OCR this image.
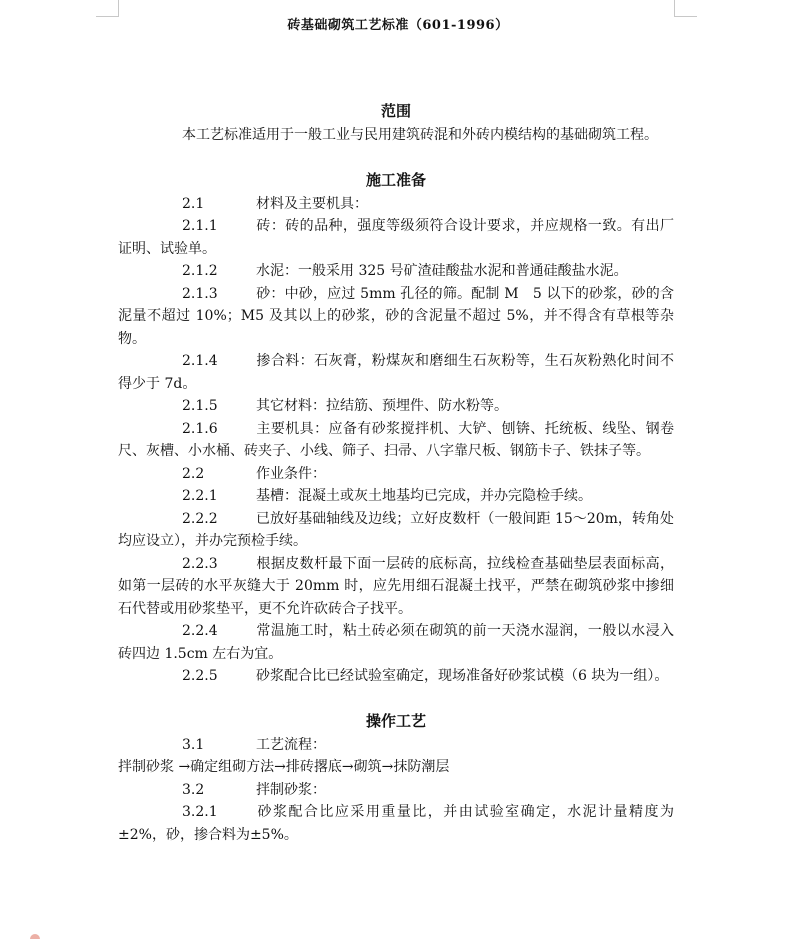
砖基础砌筑工艺标准（601-1996）
范围

本工艺标准适用于一般工业与民用建筑砖混和外砖内模结构的基础砌筑工程。

施工准备

2.1	材料及主要机具：

2.1.1	砖：砖的品种，强度等级须符合设计要求，并应规格一致。有出厂证明、试验单。

2.1.2	水泥：一般采用 325 号矿渣硅酸盐水泥和普通硅酸盐水泥。

2.1.3	砂：中砂，应过 5mm 孔径的筛。配制 M　5 以下的砂浆，砂的含泥量不超过 10%；M5 及其以上的砂浆，砂的含泥量不超过 5%，并不得含有草根等杂物。

2.1.4	掺合料：石灰膏，粉煤灰和磨细生石灰粉等，生石灰粉熟化时间不得少于 7d。

2.1.5	其它材料：拉结筋、预埋件、防水粉等。

2.1.6	主要机具：应备有砂浆搅拌机、大铲、刨锛、托统板、线坠、钢卷尺、灰槽、小水桶、砖夹子、小线、筛子、扫帚、八字靠尺板、钢筋卡子、铁抹子等。

2.2	作业条件：

2.2.1	基槽：混凝土或灰土地基均已完成，并办完隐检手续。

2.2.2	已放好基础轴线及边线；立好皮数杆（一般间距 15～20m，转角处均应设立），并办完预检手续。

2.2.3	根据皮数杆最下面一层砖的底标高，拉线检查基础垫层表面标高，如第一层砖的水平灰缝大于 20mm 时，应先用细石混凝土找平，严禁在砌筑砂浆中掺细石代替或用砂浆垫平，更不允许砍砖合子找平。

2.2.4	常温施工时，粘土砖必须在砌筑的前一天浇水湿润，一般以水浸入砖四边 1.5cm 左右为宜。

2.2.5	砂浆配合比已经试验室确定，现场准备好砂浆试模（6 块为一组）。

操作工艺

3.1	工艺流程：

拌制砂浆 →确定组砌方法→排砖撂底→砌筑→抹防潮层

3.2	拌制砂浆：

3.2.1	砂浆配合比应采用重量比，并由试验室确定，水泥计量精度为±2%，砂，掺合料为±5%。
